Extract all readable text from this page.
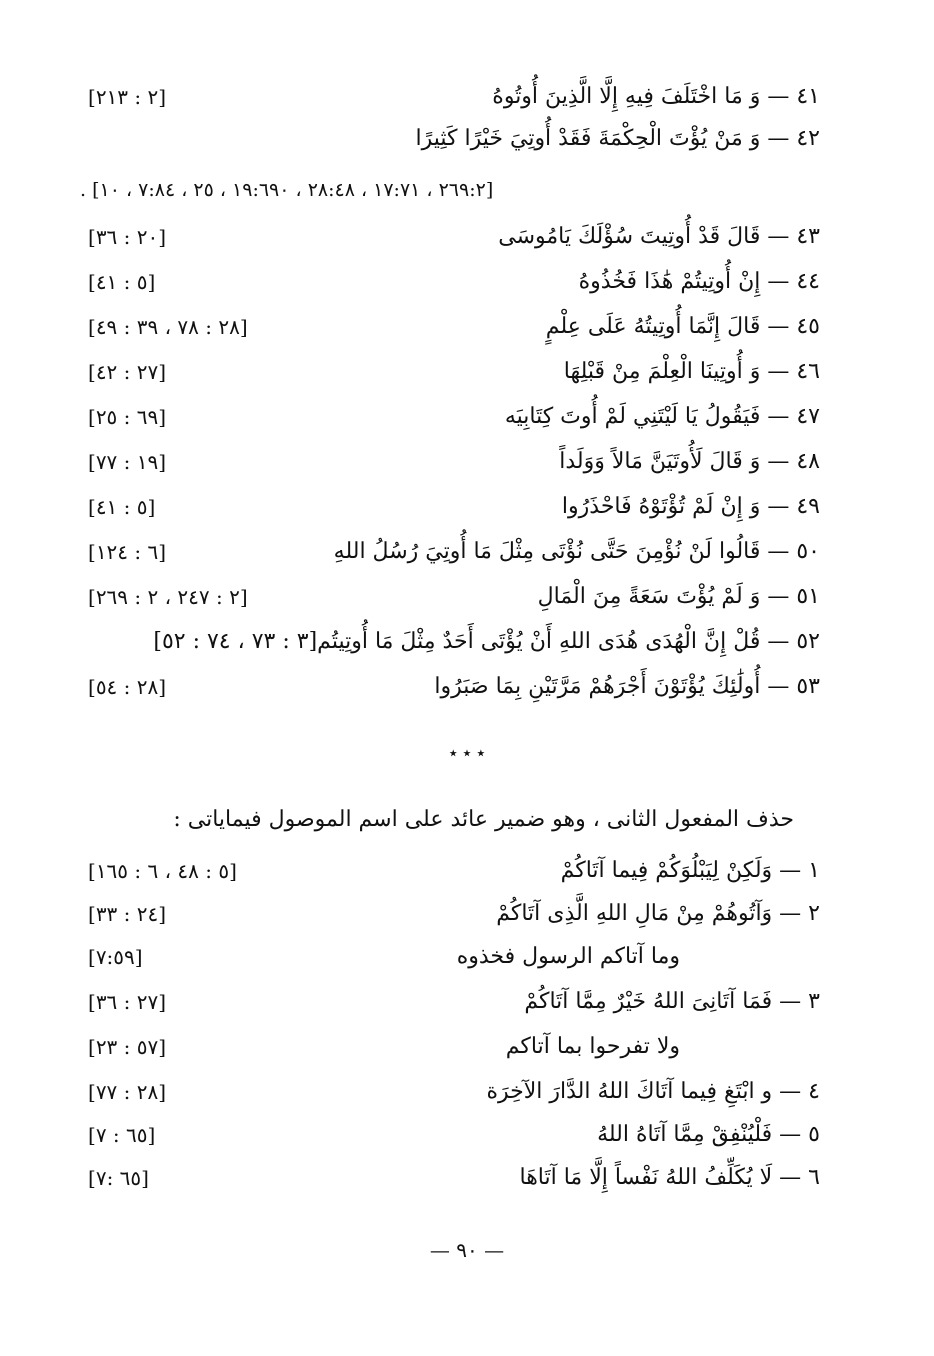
٤١ — وَ مَا اخْتَلَفَ فِيهِ إِلَّا الَّذِينَ أُوتُوهُ
[٢ : ٢١٣]
٤٢ — وَ مَنْ يُؤْتَ الْحِكْمَةَ فَقَدْ أُوتِيَ خَيْرًا كَثِيرًا
[٢٦٩:٢ ، ١٧:٧١ ، ٢٨:٤٨ ، ١٩:٦٩٠ ، ٢٥ ، ٧:٨٤ ، ١٠] .
٤٣ — قَالَ قَدْ أُوتِيتَ سُؤْلَكَ يَامُوسَى
[٢٠ : ٣٦]
٤٤ — إِنْ أُوتِيتُمْ هَٰذَا فَخُذُوهُ
[٥ : ٤١]
٤٥ — قَالَ إِنَّمَا أُوتِيتُهُ عَلَى عِلْمٍ
[٢٨ : ٧٨ ، ٣٩ : ٤٩]
٤٦ — وَ أُوتِينَا الْعِلْمَ مِنْ قَبْلِهَا
[٢٧ : ٤٢]
٤٧ — فَيَقُولُ يَا لَيْتَنِي لَمْ أُوتَ كِتَابِيَه
[٦٩ : ٢٥]
٤٨ — وَ قَالَ لَأُوتَيَنَّ مَالاً وَوَلَداً
[١٩ : ٧٧]
٤٩ — وَ إِنْ لَمْ تُؤْتَوْهُ فَاحْذَرُوا
[٥ : ٤١]
٥٠ — قَالُوا لَنْ نُؤْمِنَ حَتَّى نُؤْتَى مِثْلَ مَا أُوتِيَ رُسُلُ اللهِ
[٦ : ١٢٤]
٥١ — وَ لَمْ يُؤْتَ سَعَةً مِنَ الْمَالِ
[٢ : ٢٤٧ ، ٢ : ٢٦٩]
٥٢ — قُلْ إِنَّ الْهُدَى هُدَى اللهِ أَنْ يُؤْتَى أَحَدٌ مِثْلَ مَا أُوتِيتُم[٣ : ٧٣ ، ٧٤ : ٥٢]
٥٣ — أُولَٰئِكَ يُؤْتَوْنَ أَجْرَهُمْ مَرَّتَيْنِ بِمَا صَبَرُوا
[٢٨ : ٥٤]
٭ ٭ ٭
حذف المفعول الثانى ، وهو ضمير عائد على اسم الموصول فيماياتى :
١ — وَلَكِنْ لِيَبْلُوَكُمْ فِيما آتَاكُمْ
[٥ : ٤٨ ، ٦ : ١٦٥]
٢ — وَآتُوهُمْ مِنْ مَالِ اللهِ الَّذِى آتَاكُمْ
[٢٤ : ٣٣]
وما آتاكم الرسول فخذوه
[٧:٥٩]
٣ — فَمَا آتَانِىَ اللهُ خَيْرٌ مِمَّا آتَاكُمْ
[٢٧ : ٣٦]
ولا تفرحوا بما آتاكم
[٥٧ : ٢٣]
٤ — و ابْتَغِ فِيما آتَاكَ اللهُ الدَّارَ الآخِرَة
[٢٨ : ٧٧]
٥ — فَلْيُنْفِقْ مِمَّا آتَاهُ اللهُ
[٦٥ : ٧]
٦ — لَا يُكَلِّفُ اللهُ نَفْساً إِلَّا مَا آتَاهَا
[٦٥ :٧]
— ٩٠ —
